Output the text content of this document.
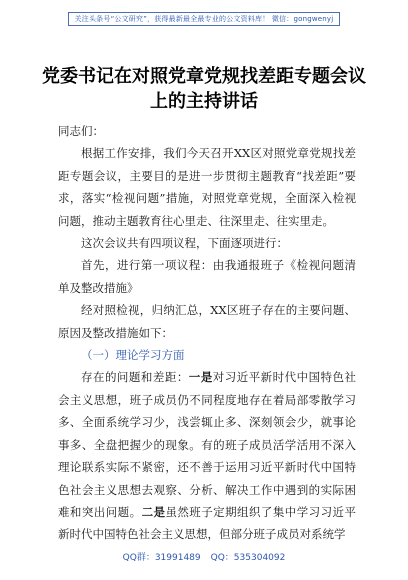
关注头条号“公文研究”，获得最新最全最专业的公文资料库！ 微信：gongwenyj
党委书记在对照党章党规找差距专题会议
上的主持讲话

同志们：

根据工作安排，我们今天召开XX区对照党章党规找差距专题会议，主要目的是进一步贯彻主题教育“找差距”要求，落实“检视问题”措施，对照党章党规，全面深入检视问题，推动主题教育往心里走、往深里走、往实里走。

这次会议共有四项议程，下面逐项进行：

首先，进行第一项议程：由我通报班子《检视问题清单及整改措施》

经对照检视，归纳汇总，XX区班子存在的主要问题、原因及整改措施如下：

（一）理论学习方面

存在的问题和差距：一是对习近平新时代中国特色社会主义思想，班子成员仍不同程度地存在着局部零散学习多、全面系统学习少，浅尝辄止多、深刻领会少，就事论事多、全盘把握少的现象。有的班子成员活学活用不深入理论联系实际不紧密，还不善于运用习近平新时代中国特色社会主义思想去观察、分析、解决工作中遇到的实际困难和突出问题。二是虽然班子定期组织了集中学习习近平新时代中国特色社会主义思想，但部分班子成员对系统学

QQ群：31991489 QQ：535304092
